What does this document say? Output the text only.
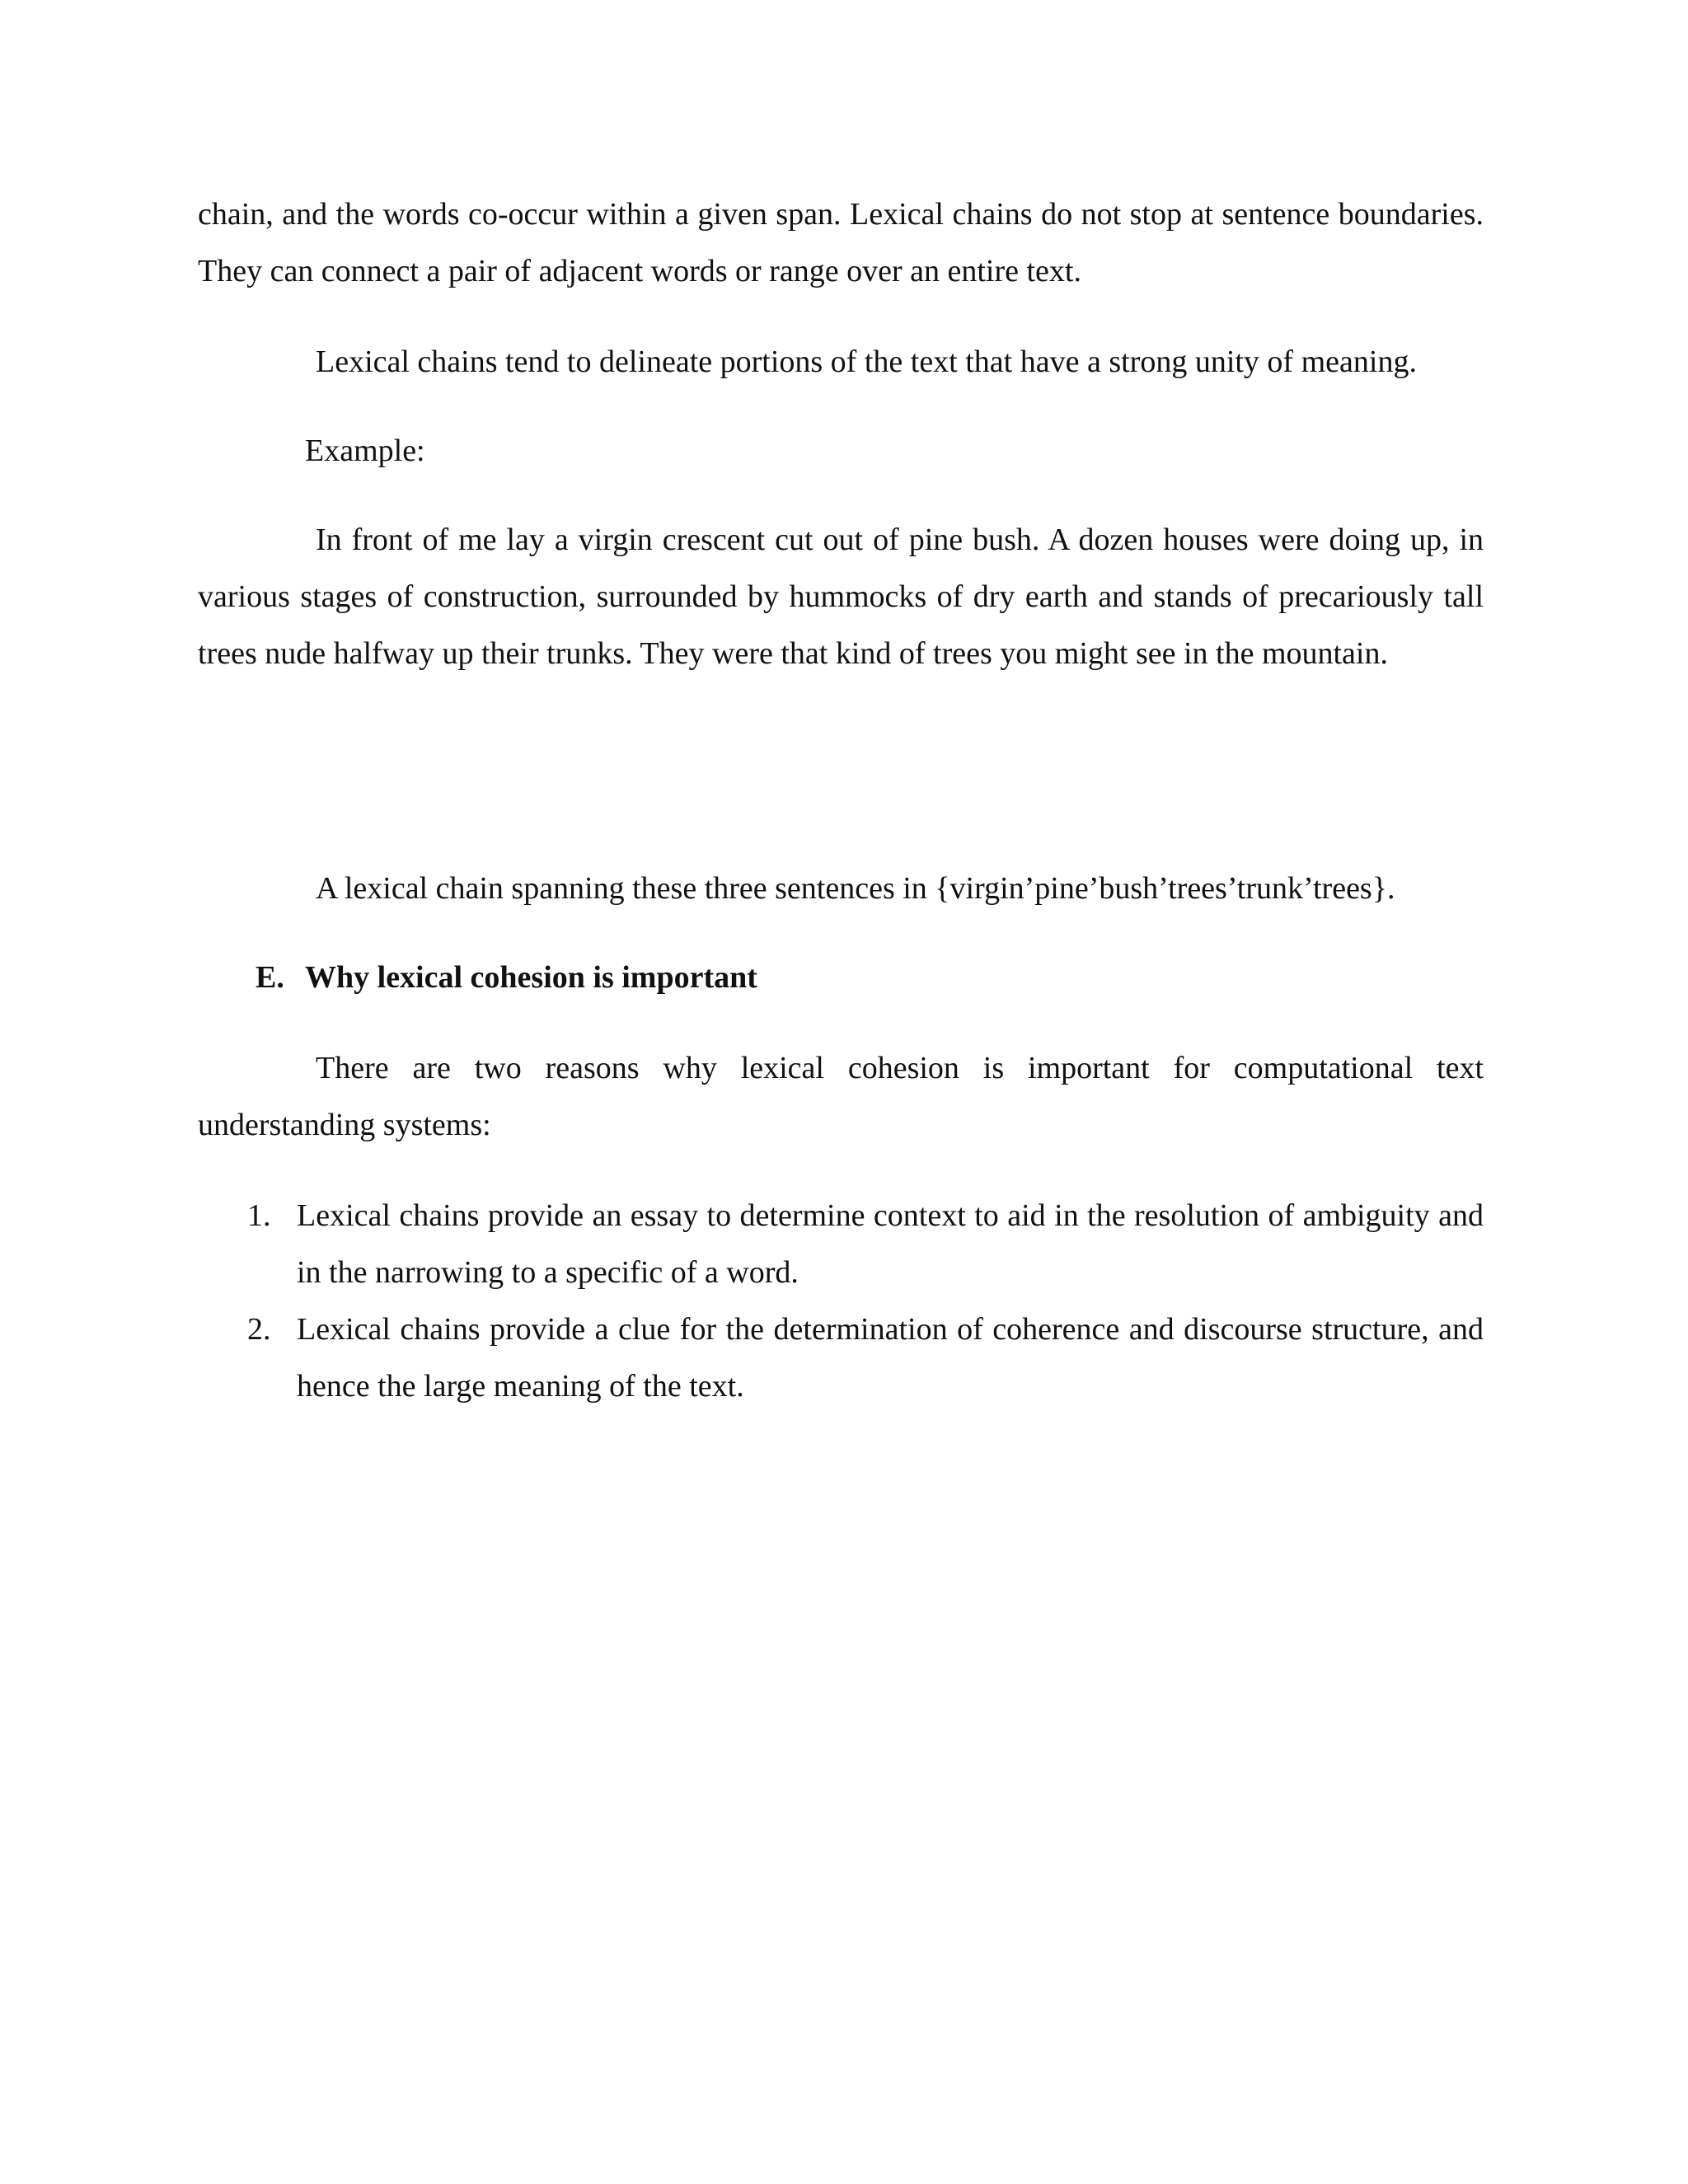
chain, and the words co-occur within a given span. Lexical chains do not stop at sentence boundaries. They can connect a pair of adjacent words or range over an entire text.

Lexical chains tend to delineate portions of the text that have a strong unity of meaning.

Example:

In front of me lay a virgin crescent cut out of pine bush. A dozen houses were doing up, in various stages of construction, surrounded by hummocks of dry earth and stands of precariously tall trees nude halfway up their trunks. They were that kind of trees you might see in the mountain.

A lexical chain spanning these three sentences in {virgin’pine’bush’trees’trunk’trees}.

E. Why lexical cohesion is important

There are two reasons why lexical cohesion is important for computational text understanding systems:

1. Lexical chains provide an essay to determine context to aid in the resolution of ambiguity and in the narrowing to a specific of a word.
2. Lexical chains provide a clue for the determination of coherence and discourse structure, and hence the large meaning of the text.
